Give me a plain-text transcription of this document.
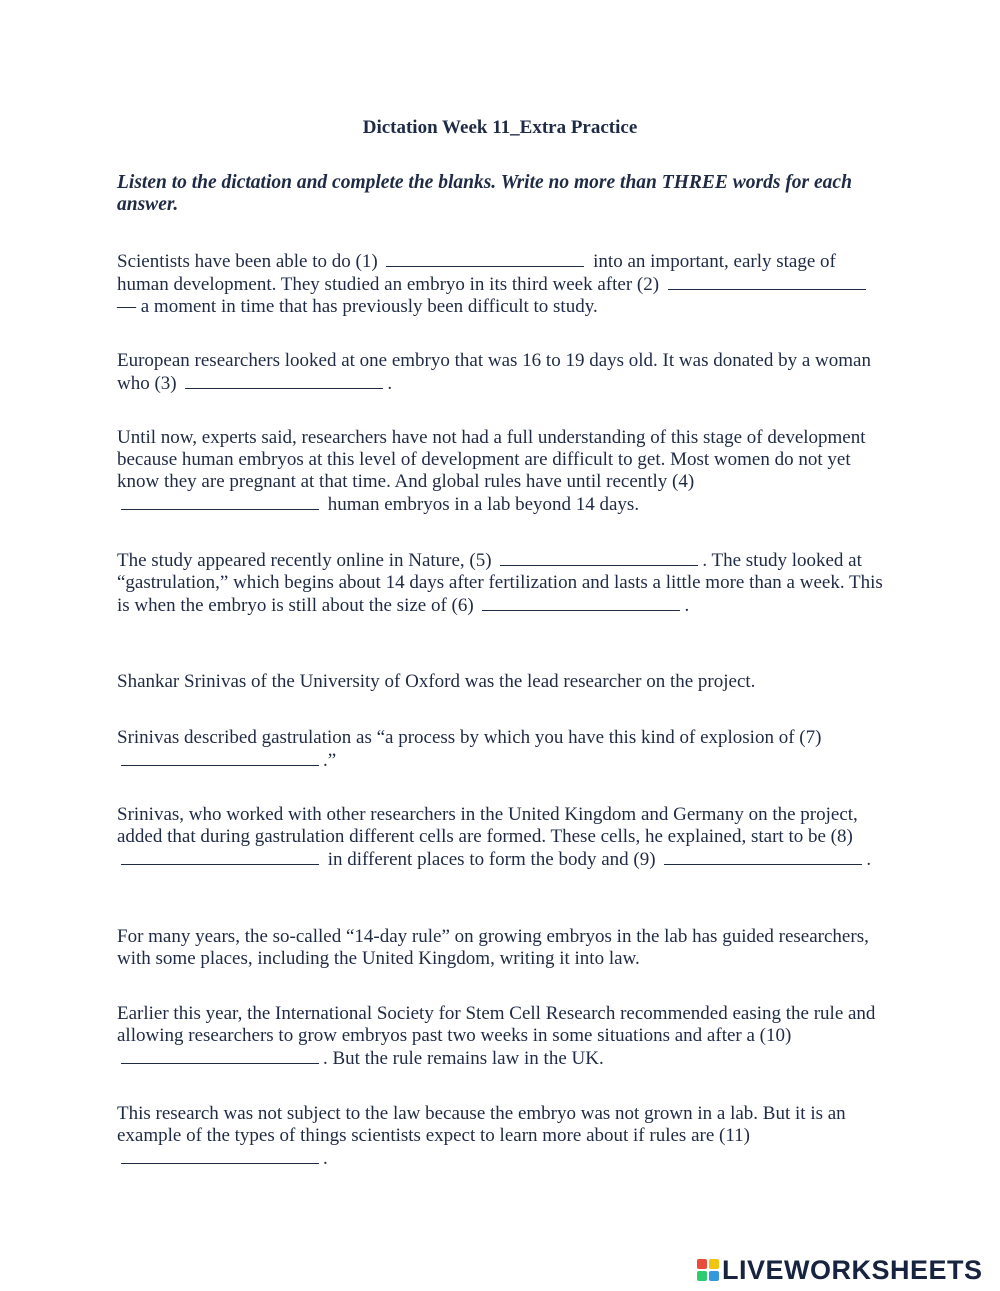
Dictation Week 11_Extra Practice
Listen to the dictation and complete the blanks. Write no more than THREE words for each answer.

Scientists have been able to do (1)	into an important, early stage of human development. They studied an embryo in its third week after (2)  — a moment in time that has previously been difficult to study.

European researchers looked at one embryo that was 16 to 19 days old. It was donated by a woman who (3)	.

Until now, experts said, researchers have not had a full understanding of this stage of development because human embryos at this level of development are difficult to get. Most women do not yet know they are pregnant at that time. And global rules have until recently (4)  human embryos in a lab beyond 14 days.

The study appeared recently online in Nature, (5)	. The study looked at “gastrulation,” which begins about 14 days after fertilization and lasts a little more than a week. This is when the embryo is still about the size of (6)	.

Shankar Srinivas of the University of Oxford was the lead researcher on the project.

Srinivas described gastrulation as “a process by which you have this kind of explosion of (7) .”

Srinivas, who worked with other researchers in the United Kingdom and Germany on the project, added that during gastrulation different cells are formed. These cells, he explained, start to be (8)  in different places to form the body and (9)	.

For many years, the so-called “14-day rule” on growing embryos in the lab has guided researchers, with some places, including the United Kingdom, writing it into law.

Earlier this year, the International Society for Stem Cell Research recommended easing the rule and allowing researchers to grow embryos past two weeks in some situations and after a (10) . But the rule remains law in the UK.

This research was not subject to the law because the embryo was not grown in a lab. But it is an example of the types of things scientists expect to learn more about if rules are (11) .

LIVEWORKSHEETS
